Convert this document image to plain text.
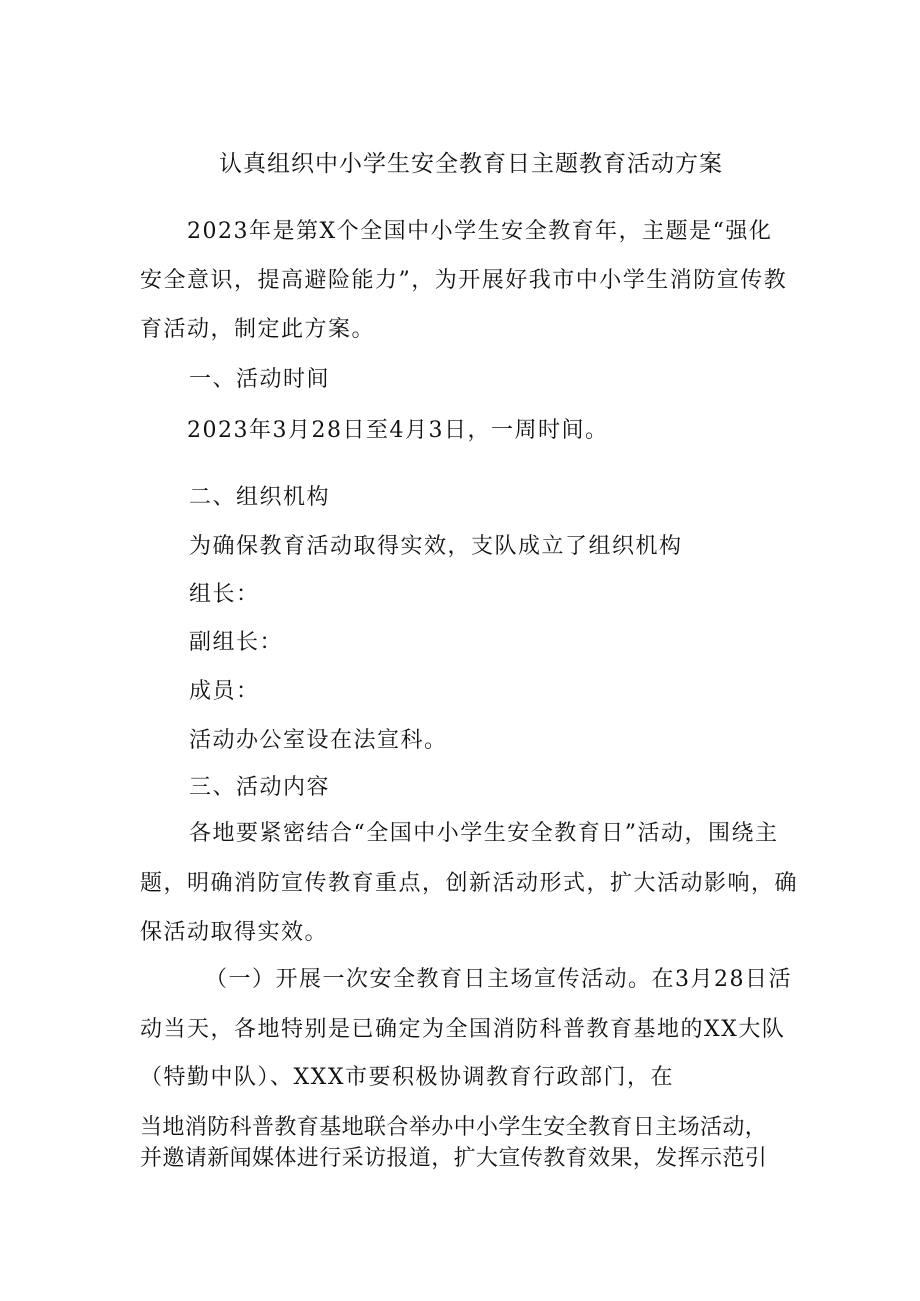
认真组织中小学生安全教育日主题教育活动方案
2023年是第X个全国中小学生安全教育年，主题是“强化
安全意识，提高避险能力”，为开展好我市中小学生消防宣传教
育活动，制定此方案。
一、活动时间
2023年3月28日至4月3日，一周时间。
二、组织机构
为确保教育活动取得实效，支队成立了组织机构
组长：
副组长：
成员：
活动办公室设在法宣科。
三、活动内容
各地要紧密结合“全国中小学生安全教育日”活动，围绕主
题，明确消防宣传教育重点，创新活动形式，扩大活动影响，确
保活动取得实效。
（一）开展一次安全教育日主场宣传活动。在3月28日活
动当天，各地特别是已确定为全国消防科普教育基地的XX大队
（特勤中队）、XXX市要积极协调教育行政部门，在
当地消防科普教育基地联合举办中小学生安全教育日主场活动，
并邀请新闻媒体进行采访报道，扩大宣传教育效果，发挥示范引
